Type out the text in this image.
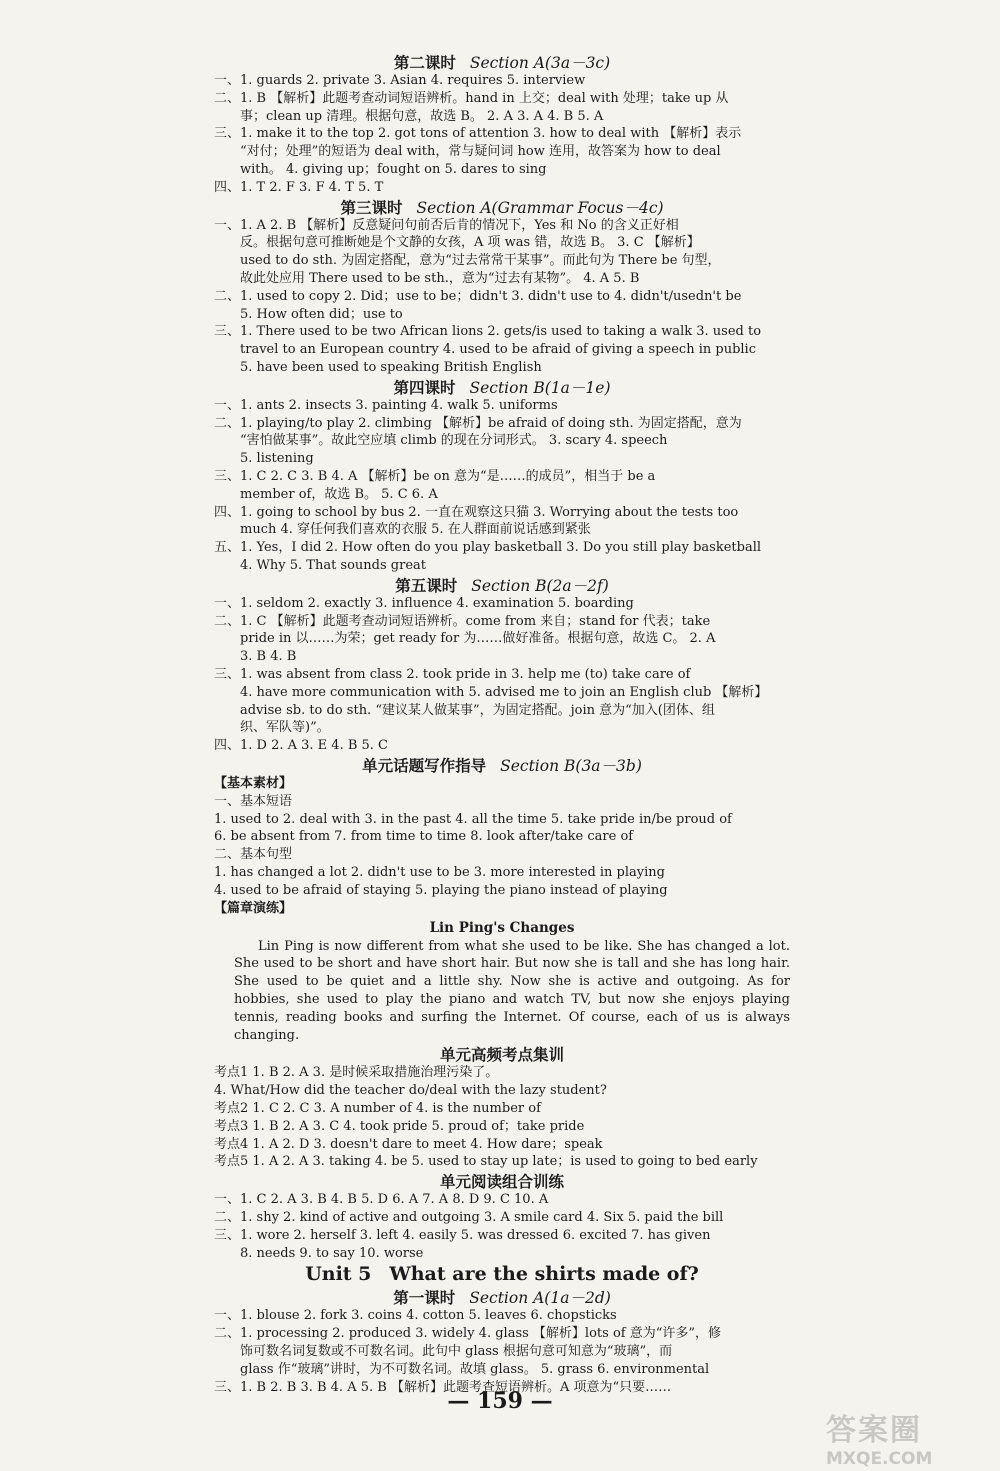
第二课时 Section A(3a－3c)
一、1. guards 2. private 3. Asian 4. requires 5. interview
二、1. B 【解析】此题考查动词短语辨析。hand in 上交；deal with 处理；take up 从
事；clean up 清理。根据句意，故选 B。 2. A 3. A 4. B 5. A
三、1. make it to the top 2. got tons of attention 3. how to deal with 【解析】表示
“对付；处理”的短语为 deal with，常与疑问词 how 连用，故答案为 how to deal
with。 4. giving up；fought on 5. dares to sing
四、1. T 2. F 3. F 4. T 5. T
第三课时 Section A(Grammar Focus－4c)
一、1. A 2. B 【解析】反意疑问句前否后肯的情况下，Yes 和 No 的含义正好相
反。根据句意可推断她是个文静的女孩，A 项 was 错，故选 B。 3. C 【解析】
used to do sth. 为固定搭配，意为“过去常常干某事”。而此句为 There be 句型，
故此处应用 There used to be sth.，意为“过去有某物”。 4. A 5. B
二、1. used to copy 2. Did；use to be；didn't 3. didn't use to 4. didn't/usedn't be
5. How often did；use to
三、1. There used to be two African lions 2. gets/is used to taking a walk 3. used to
travel to an European country 4. used to be afraid of giving a speech in public
5. have been used to speaking British English
第四课时 Section B(1a－1e)
一、1. ants 2. insects 3. painting 4. walk 5. uniforms
二、1. playing/to play 2. climbing 【解析】be afraid of doing sth. 为固定搭配，意为
“害怕做某事”。故此空应填 climb 的现在分词形式。 3. scary 4. speech
5. listening
三、1. C 2. C 3. B 4. A 【解析】be on 意为“是……的成员”，相当于 be a
member of，故选 B。 5. C 6. A
四、1. going to school by bus 2. 一直在观察这只猫 3. Worrying about the tests too
much 4. 穿任何我们喜欢的衣服 5. 在人群面前说话感到紧张
五、1. Yes，I did 2. How often do you play basketball 3. Do you still play basketball
4. Why 5. That sounds great
第五课时 Section B(2a－2f)
一、1. seldom 2. exactly 3. influence 4. examination 5. boarding
二、1. C 【解析】此题考查动词短语辨析。come from 来自；stand for 代表；take
pride in 以……为荣；get ready for 为……做好准备。根据句意，故选 C。 2. A
3. B 4. B
三、1. was absent from class 2. took pride in 3. help me (to) take care of
4. have more communication with 5. advised me to join an English club 【解析】
advise sb. to do sth. “建议某人做某事”，为固定搭配。join 意为“加入(团体、组
织、军队等)”。
四、1. D 2. A 3. E 4. B 5. C
单元话题写作指导 Section B(3a－3b)
【基本素材】
一、基本短语
1. used to 2. deal with 3. in the past 4. all the time 5. take pride in/be proud of
6. be absent from 7. from time to time 8. look after/take care of
二、基本句型
1. has changed a lot 2. didn't use to be 3. more interested in playing
4. used to be afraid of staying 5. playing the piano instead of playing
【篇章演练】
Lin Ping's Changes
Lin Ping is now different from what she used to be like. She has changed a lot. She used to be short and have short hair. But now she is tall and she has long hair. She used to be quiet and a little shy. Now she is active and outgoing. As for hobbies, she used to play the piano and watch TV, but now she enjoys playing tennis, reading books and surfing the Internet. Of course, each of us is always changing.
单元高频考点集训
考点1 1. B 2. A 3. 是时候采取措施治理污染了。
4. What/How did the teacher do/deal with the lazy student?
考点2 1. C 2. C 3. A number of 4. is the number of
考点3 1. B 2. A 3. C 4. took pride 5. proud of；take pride
考点4 1. A 2. D 3. doesn't dare to meet 4. How dare；speak
考点5 1. A 2. A 3. taking 4. be 5. used to stay up late；is used to going to bed early
单元阅读组合训练
一、1. C 2. A 3. B 4. B 5. D 6. A 7. A 8. D 9. C 10. A
二、1. shy 2. kind of active and outgoing 3. A smile card 4. Six 5. paid the bill
三、1. wore 2. herself 3. left 4. easily 5. was dressed 6. excited 7. has given
8. needs 9. to say 10. worse
Unit 5 What are the shirts made of?
第一课时 Section A(1a－2d)
一、1. blouse 2. fork 3. coins 4. cotton 5. leaves 6. chopsticks
二、1. processing 2. produced 3. widely 4. glass 【解析】lots of 意为“许多”，修
饰可数名词复数或不可数名词。此句中 glass 根据句意可知意为“玻璃”，而
glass 作“玻璃”讲时，为不可数名词。故填 glass。 5. grass 6. environmental
三、1. B 2. B 3. B 4. A 5. B 【解析】此题考查短语辨析。A 项意为“只要……
— 159 —
答案圈
MXQE.COM
